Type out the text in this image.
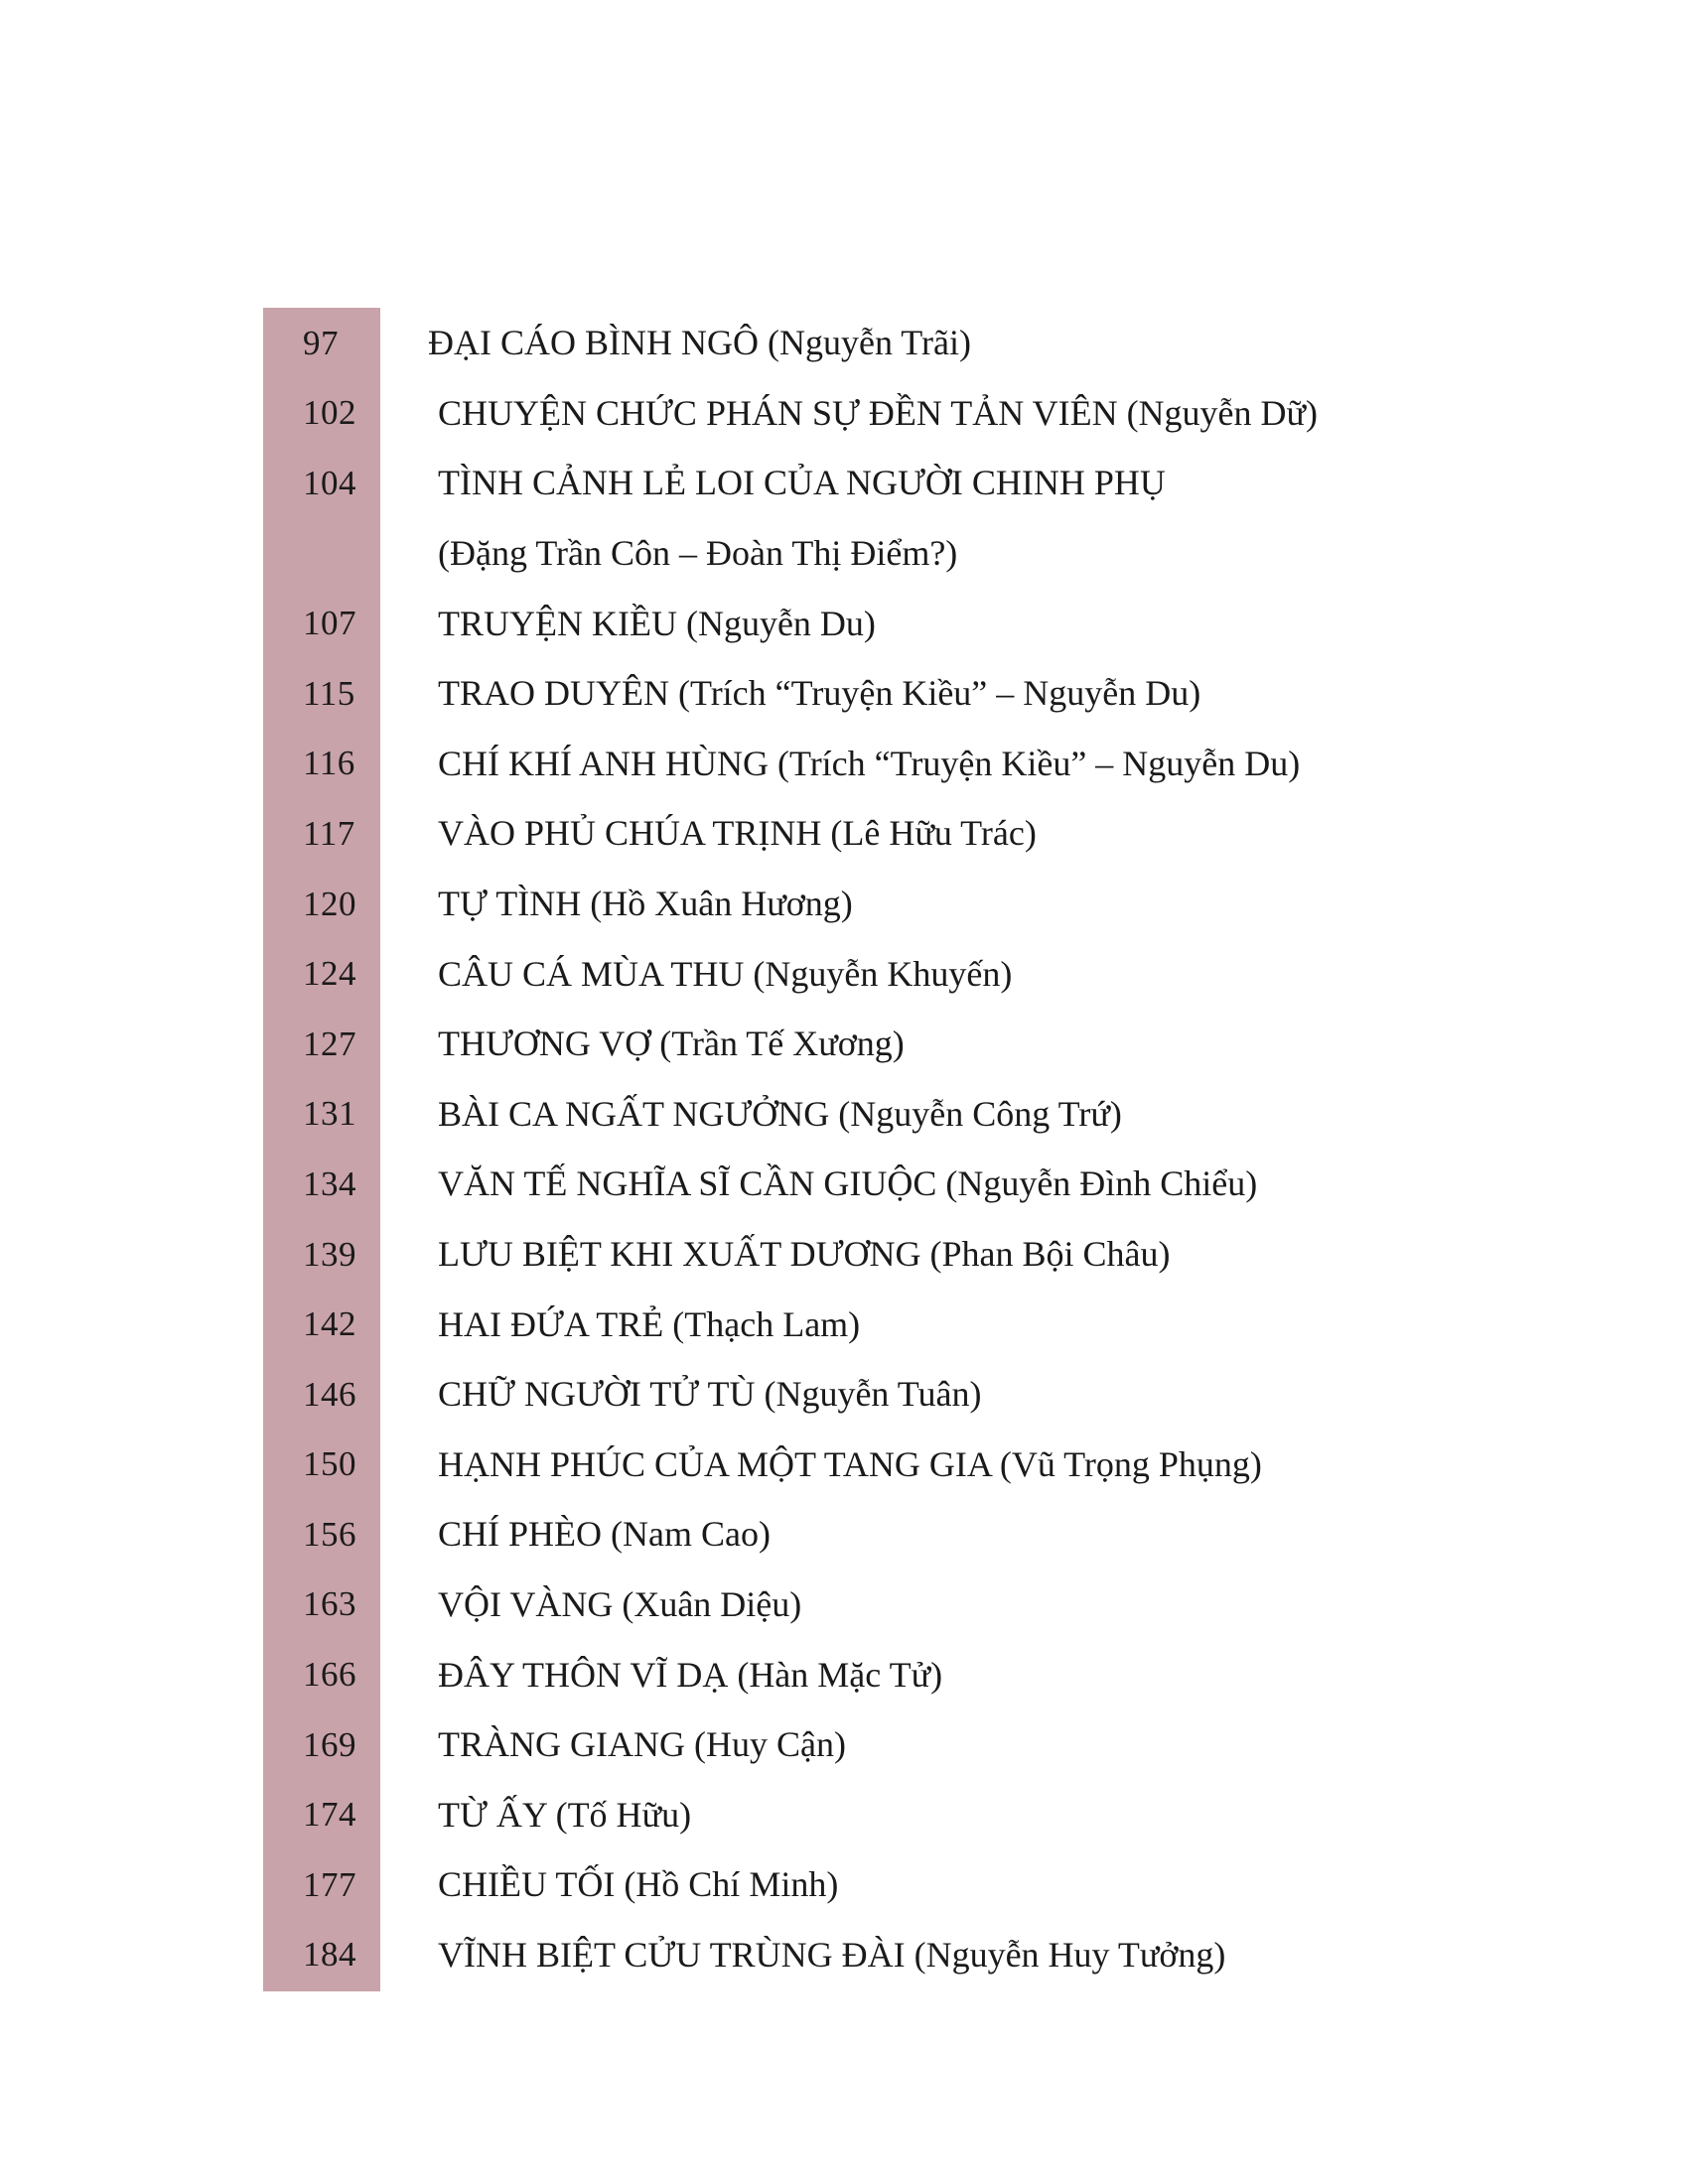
97	ĐẠI CÁO BÌNH NGÔ (Nguyễn Trãi)
102	CHUYỆN CHỨC PHÁN SỰ ĐỀN TẢN VIÊN (Nguyễn Dữ)
104	TÌNH CẢNH LẺ LOI CỦA NGƯỜI CHINH PHỤ
(Đặng Trần Côn – Đoàn Thị Điểm?)
107	TRUYỆN KIỀU (Nguyễn Du)
115	TRAO DUYÊN (Trích “Truyện Kiều” – Nguyễn Du)
116	CHÍ KHÍ ANH HÙNG (Trích “Truyện Kiều” – Nguyễn Du)
117	VÀO PHỦ CHÚA TRỊNH (Lê Hữu Trác)
120	TỰ TÌNH (Hồ Xuân Hương)
124	CÂU CÁ MÙA THU (Nguyễn Khuyến)
127	THƯƠNG VỢ (Trần Tế Xương)
131	BÀI CA NGẤT NGƯỞNG (Nguyễn Công Trứ)
134	VĂN TẾ NGHĨA SĨ CẦN GIUỘC (Nguyễn Đình Chiểu)
139	LƯU BIỆT KHI XUẤT DƯƠNG (Phan Bội Châu)
142	HAI ĐỨA TRẺ (Thạch Lam)
146	CHỮ NGƯỜI TỬ TÙ (Nguyễn Tuân)
150	HẠNH PHÚC CỦA MỘT TANG GIA (Vũ Trọng Phụng)
156	CHÍ PHÈO (Nam Cao)
163	VỘI VÀNG (Xuân Diệu)
166	ĐÂY THÔN VĨ DẠ (Hàn Mặc Tử)
169	TRÀNG GIANG (Huy Cận)
174	TỪ ẤY (Tố Hữu)
177	CHIỀU TỐI (Hồ Chí Minh)
184	VĨNH BIỆT CỬU TRÙNG ĐÀI (Nguyễn Huy Tưởng)
